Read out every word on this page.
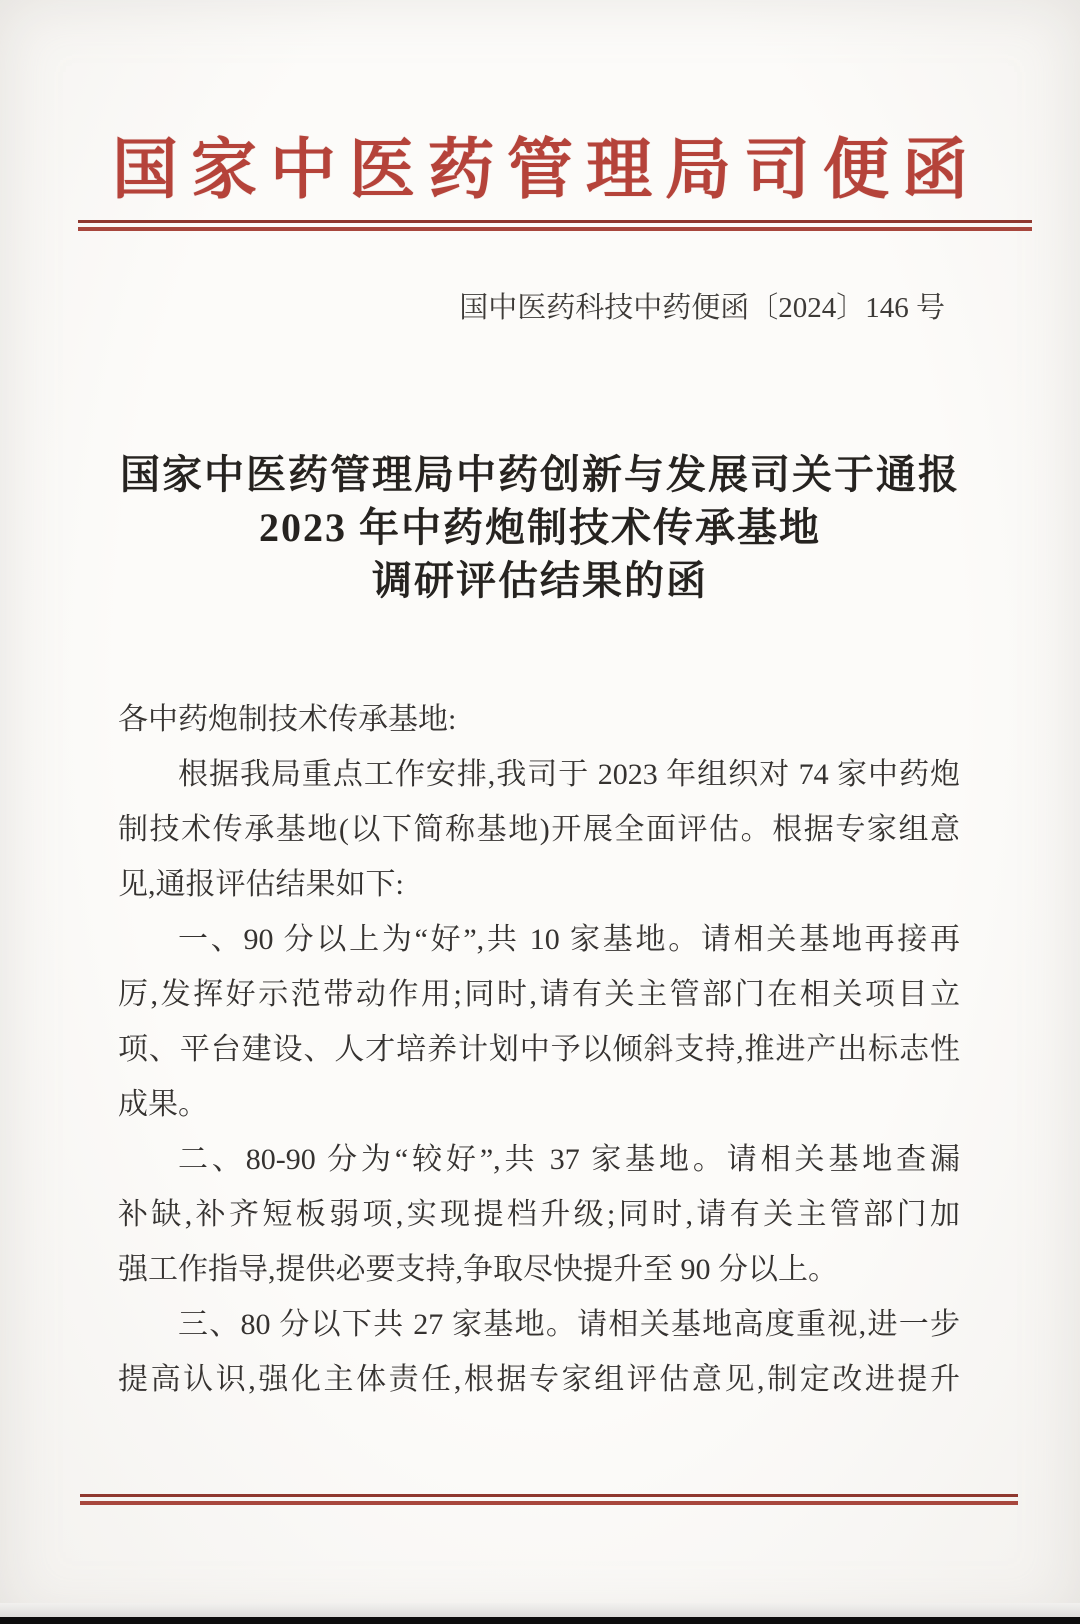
国家中医药管理局司便函
国中医药科技中药便函〔2024〕146 号
国家中医药管理局中药创新与发展司关于通报
2023 年中药炮制技术传承基地
调研评估结果的函
各中药炮制技术传承基地:
根据我局重点工作安排,我司于 2023 年组织对 74 家中药炮
制技术传承基地(以下简称基地)开展全面评估。根据专家组意
见,通报评估结果如下:
一、90 分以上为“好”,共 10 家基地。请相关基地再接再
厉,发挥好示范带动作用;同时,请有关主管部门在相关项目立
项、平台建设、人才培养计划中予以倾斜支持,推进产出标志性
成果。
二、80-90 分为“较好”,共 37 家基地。请相关基地查漏
补缺,补齐短板弱项,实现提档升级;同时,请有关主管部门加
强工作指导,提供必要支持,争取尽快提升至 90 分以上。
三、80 分以下共 27 家基地。请相关基地高度重视,进一步
提高认识,强化主体责任,根据专家组评估意见,制定改进提升
